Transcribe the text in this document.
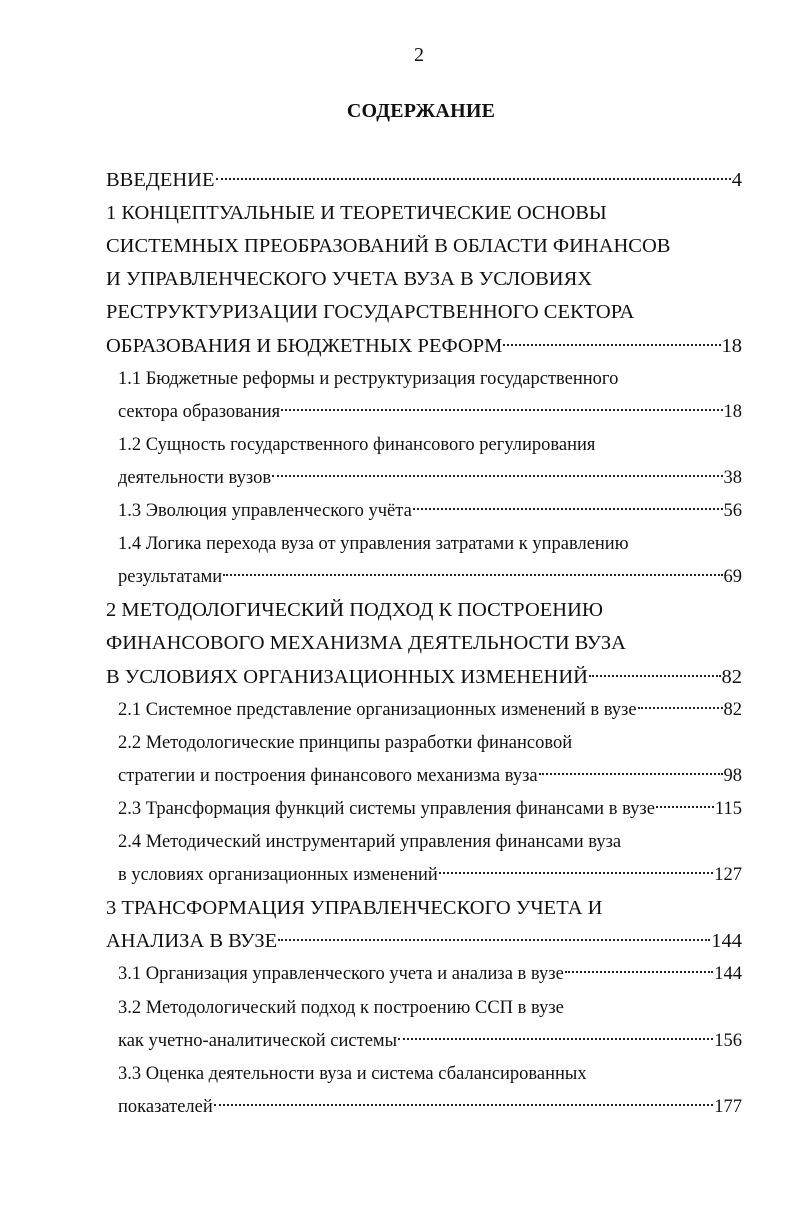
2
СОДЕРЖАНИЕ
ВВЕДЕНИЕ	4
1 КОНЦЕПТУАЛЬНЫЕ И ТЕОРЕТИЧЕСКИЕ ОСНОВЫ
СИСТЕМНЫХ ПРЕОБРАЗОВАНИЙ В ОБЛАСТИ ФИНАНСОВ
И УПРАВЛЕНЧЕСКОГО УЧЕТА ВУЗА В УСЛОВИЯХ
РЕСТРУКТУРИЗАЦИИ ГОСУДАРСТВЕННОГО СЕКТОРА
ОБРАЗОВАНИЯ И БЮДЖЕТНЫХ РЕФОРМ	18
1.1 Бюджетные реформы и реструктуризация государственного
сектора образования	18
1.2 Сущность государственного финансового регулирования
деятельности вузов	38
1.3 Эволюция управленческого учёта	56
1.4 Логика перехода вуза от управления затратами к управлению
результатами	69
2 МЕТОДОЛОГИЧЕСКИЙ ПОДХОД К ПОСТРОЕНИЮ
ФИНАНСОВОГО МЕХАНИЗМА ДЕЯТЕЛЬНОСТИ ВУЗА
В УСЛОВИЯХ ОРГАНИЗАЦИОННЫХ ИЗМЕНЕНИЙ	82
2.1 Системное представление организационных изменений в вузе	82
2.2 Методологические принципы разработки финансовой
стратегии и построения финансового механизма вуза	98
2.3 Трансформация функций системы управления финансами в вузе	115
2.4 Методический инструментарий управления финансами вуза
в условиях организационных изменений	127
3 ТРАНСФОРМАЦИЯ УПРАВЛЕНЧЕСКОГО УЧЕТА И
АНАЛИЗА В ВУЗЕ	144
3.1 Организация управленческого учета и анализа в вузе	144
3.2 Методологический подход к построению ССП в вузе
как учетно-аналитической системы	156
3.3 Оценка деятельности вуза и система сбалансированных
показателей	177
